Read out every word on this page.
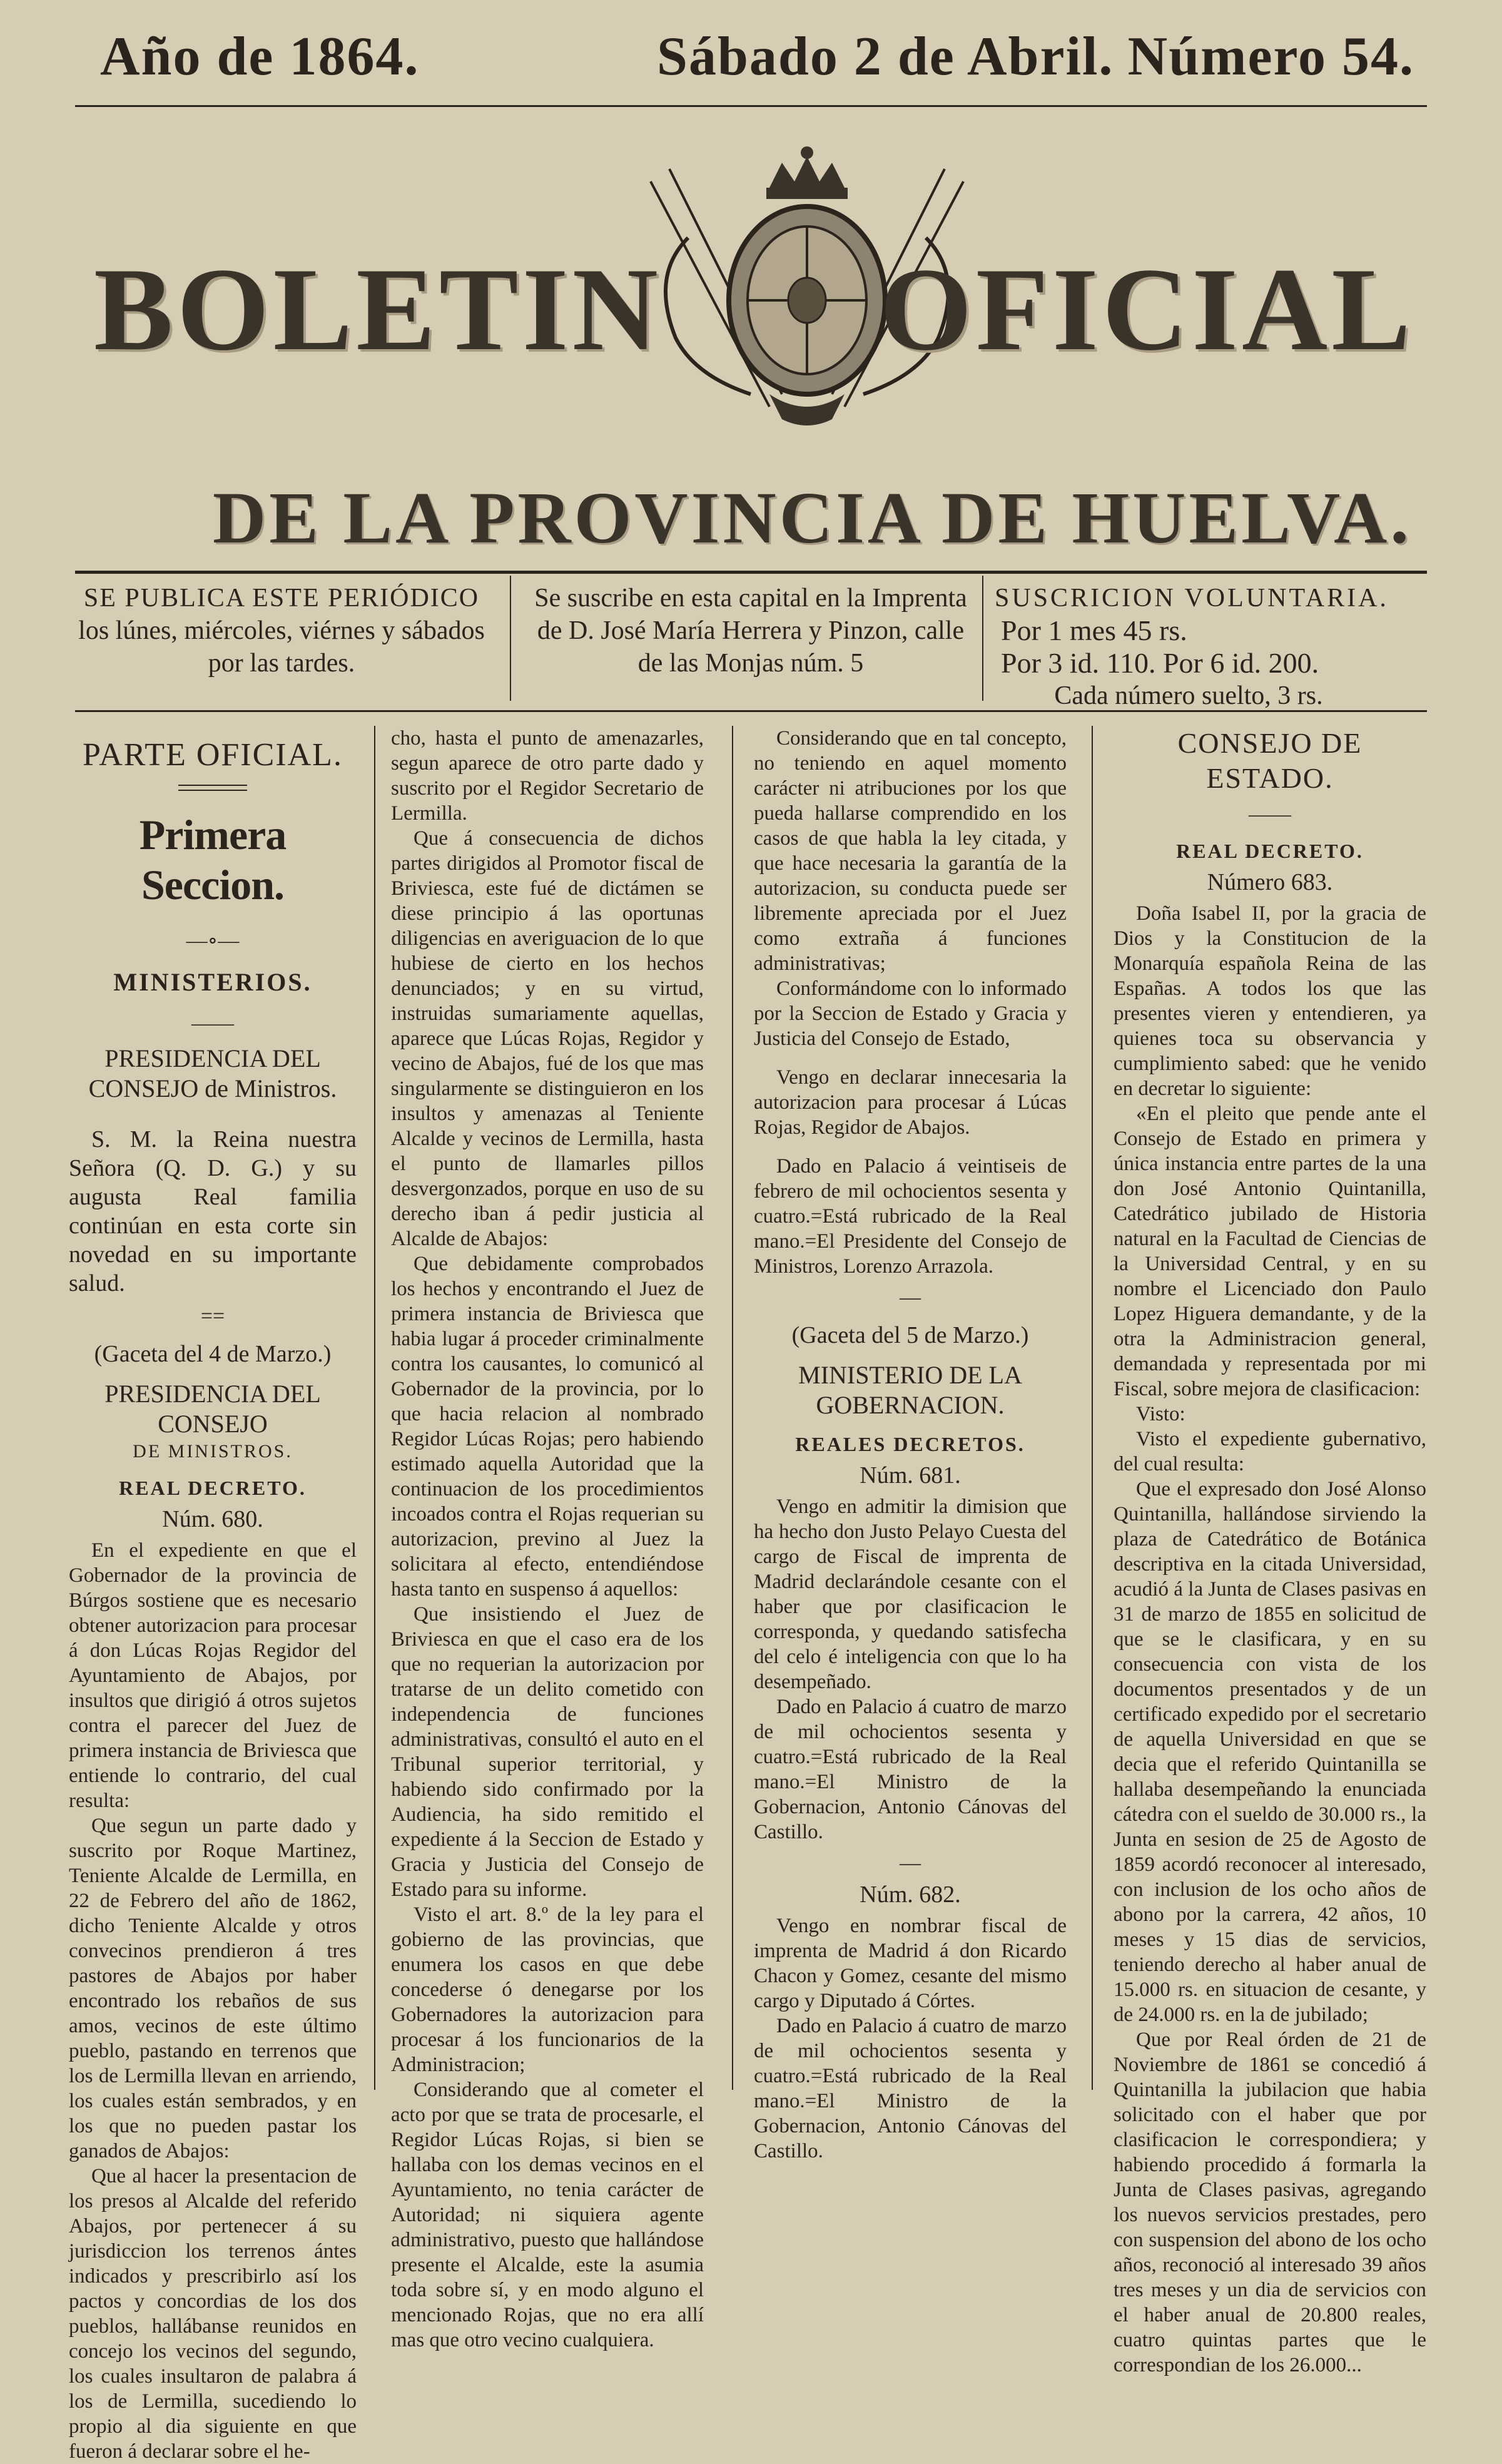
Año de 1864.	Sábado 2 de Abril. Número 54.
BOLETIN OFICIAL
DE LA PROVINCIA DE HUELVA.
SE PUBLICA ESTE PERIÓDICO
los lúnes, miércoles, viérnes y sábados
por las tardes.
Se suscribe en esta capital en la Imprenta
de D. José María Herrera y Pinzon, calle
de las Monjas núm. 5
SUSCRICION VOLUNTARIA.
Por 1 mes 45 rs.
Por 3 id. 110. Por 6 id. 200.
Cada número suelto, 3 rs.
PARTE OFICIAL.
Primera Seccion.
—∘—
MINISTERIOS.
——
PRESIDENCIA DEL CONSEJO de Ministros.

S. M. la Reina nuestra Señora (Q. D. G.) y su augusta Real familia continúan en esta corte sin novedad en su importante salud.

==
(Gaceta del 4 de Marzo.)
PRESIDENCIA DEL CONSEJO
DE MINISTROS.
REAL DECRETO.
Núm. 680.

En el expediente en que el Gobernador de la provincia de Búrgos sostiene que es necesario obtener autorizacion para procesar á don Lúcas Rojas Regidor del Ayuntamiento de Abajos, por insultos que dirigió á otros sujetos contra el parecer del Juez de primera instancia de Briviesca que entiende lo contrario, del cual resulta:

Que segun un parte dado y suscrito por Roque Martinez, Teniente Alcalde de Lermilla, en 22 de Febrero del año de 1862, dicho Teniente Alcalde y otros convecinos prendieron á tres pastores de Abajos por haber encontrado los rebaños de sus amos, vecinos de este último pueblo, pastando en terrenos que los de Lermilla llevan en arriendo, los cuales están sembrados, y en los que no pueden pastar los ganados de Abajos:

Que al hacer la presentacion de los presos al Alcalde del referido Abajos, por pertenecer á su jurisdiccion los terrenos ántes indicados y prescribirlo así los pactos y concordias de los dos pueblos, hallábanse reunidos en concejo los vecinos del segundo, los cuales insultaron de palabra á los de Lermilla, sucediendo lo propio al dia siguiente en que fueron á declarar sobre el he-

cho, hasta el punto de amenazarles, segun aparece de otro parte dado y suscrito por el Regidor Secretario de Lermilla.

Que á consecuencia de dichos partes dirigidos al Promotor fiscal de Briviesca, este fué de dictámen se diese principio á las oportunas diligencias en averiguacion de lo que hubiese de cierto en los hechos denunciados; y en su virtud, instruidas sumariamente aquellas, aparece que Lúcas Rojas, Regidor y vecino de Abajos, fué de los que mas singularmente se distinguieron en los insultos y amenazas al Teniente Alcalde y vecinos de Lermilla, hasta el punto de llamarles pillos desvergonzados, porque en uso de su derecho iban á pedir justicia al Alcalde de Abajos:

Que debidamente comprobados los hechos y encontrando el Juez de primera instancia de Briviesca que habia lugar á proceder criminalmente contra los causantes, lo comunicó al Gobernador de la provincia, por lo que hacia relacion al nombrado Regidor Lúcas Rojas; pero habiendo estimado aquella Autoridad que la continuacion de los procedimientos incoados contra el Rojas requerian su autorizacion, previno al Juez la solicitara al efecto, entendiéndose hasta tanto en suspenso á aquellos:

Que insistiendo el Juez de Briviesca en que el caso era de los que no requerian la autorizacion por tratarse de un delito cometido con independencia de funciones administrativas, consultó el auto en el Tribunal superior territorial, y habiendo sido confirmado por la Audiencia, ha sido remitido el expediente á la Seccion de Estado y Gracia y Justicia del Consejo de Estado para su informe.

Visto el art. 8.º de la ley para el gobierno de las provincias, que enumera los casos en que debe concederse ó denegarse por los Gobernadores la autorizacion para procesar á los funcionarios de la Administracion;

Considerando que al cometer el acto por que se trata de procesarle, el Regidor Lúcas Rojas, si bien se hallaba con los demas vecinos en el Ayuntamiento, no tenia carácter de Autoridad; ni siquiera agente administrativo, puesto que hallándose presente el Alcalde, este la asumia toda sobre sí, y en modo alguno el mencionado Rojas, que no era allí mas que otro vecino cualquiera.

Considerando que en tal concepto, no teniendo en aquel momento carácter ni atribuciones por los que pueda hallarse comprendido en los casos de que habla la ley citada, y que hace necesaria la garantía de la autorizacion, su conducta puede ser libremente apreciada por el Juez como extraña á funciones administrativas;

Conformándome con lo informado por la Seccion de Estado y Gracia y Justicia del Consejo de Estado,

Vengo en declarar innecesaria la autorizacion para procesar á Lúcas Rojas, Regidor de Abajos.

Dado en Palacio á veintiseis de febrero de mil ochocientos sesenta y cuatro.=Está rubricado de la Real mano.=El Presidente del Consejo de Ministros, Lorenzo Arrazola.

—
(Gaceta del 5 de Marzo.)
MINISTERIO DE LA GOBERNACION.
REALES DECRETOS.
Núm. 681.

Vengo en admitir la dimision que ha hecho don Justo Pelayo Cuesta del cargo de Fiscal de imprenta de Madrid declarándole cesante con el haber que por clasificacion le corresponda, y quedando satisfecha del celo é inteligencia con que lo ha desempeñado.

Dado en Palacio á cuatro de marzo de mil ochocientos sesenta y cuatro.=Está rubricado de la Real mano.=El Ministro de la Gobernacion, Antonio Cánovas del Castillo.

—
Núm. 682.

Vengo en nombrar fiscal de imprenta de Madrid á don Ricardo Chacon y Gomez, cesante del mismo cargo y Diputado á Córtes.

Dado en Palacio á cuatro de marzo de mil ochocientos sesenta y cuatro.=Está rubricado de la Real mano.=El Ministro de la Gobernacion, Antonio Cánovas del Castillo.

CONSEJO DE ESTADO.
——
REAL DECRETO.
Número 683.

Doña Isabel II, por la gracia de Dios y la Constitucion de la Monarquía española Reina de las Españas. A todos los que las presentes vieren y entendieren, ya quienes toca su observancia y cumplimiento sabed: que he venido en decretar lo siguiente:

«En el pleito que pende ante el Consejo de Estado en primera y única instancia entre partes de la una don José Antonio Quintanilla, Catedrático jubilado de Historia natural en la Facultad de Ciencias de la Universidad Central, y en su nombre el Licenciado don Paulo Lopez Higuera demandante, y de la otra la Administracion general, demandada y representada por mi Fiscal, sobre mejora de clasificacion:

Visto:

Visto el expediente gubernativo, del cual resulta:

Que el expresado don José Alonso Quintanilla, hallándose sirviendo la plaza de Catedrático de Botánica descriptiva en la citada Universidad, acudió á la Junta de Clases pasivas en 31 de marzo de 1855 en solicitud de que se le clasificara, y en su consecuencia con vista de los documentos presentados y de un certificado expedido por el secretario de aquella Universidad en que se decia que el referido Quintanilla se hallaba desempeñando la enunciada cátedra con el sueldo de 30.000 rs., la Junta en sesion de 25 de Agosto de 1859 acordó reconocer al interesado, con inclusion de los ocho años de abono por la carrera, 42 años, 10 meses y 15 dias de servicios, teniendo derecho al haber anual de 15.000 rs. en situacion de cesante, y de 24.000 rs. en la de jubilado;

Que por Real órden de 21 de Noviembre de 1861 se concedió á Quintanilla la jubilacion que habia solicitado con el haber que por clasificacion le correspondiera; y habiendo procedido á formarla la Junta de Clases pasivas, agregando los nuevos servicios prestades, pero con suspension del abono de los ocho años, reconoció al interesado 39 años tres meses y un dia de servicios con el haber anual de 20.800 reales, cuatro quintas partes que le correspondian de los 26.000...
